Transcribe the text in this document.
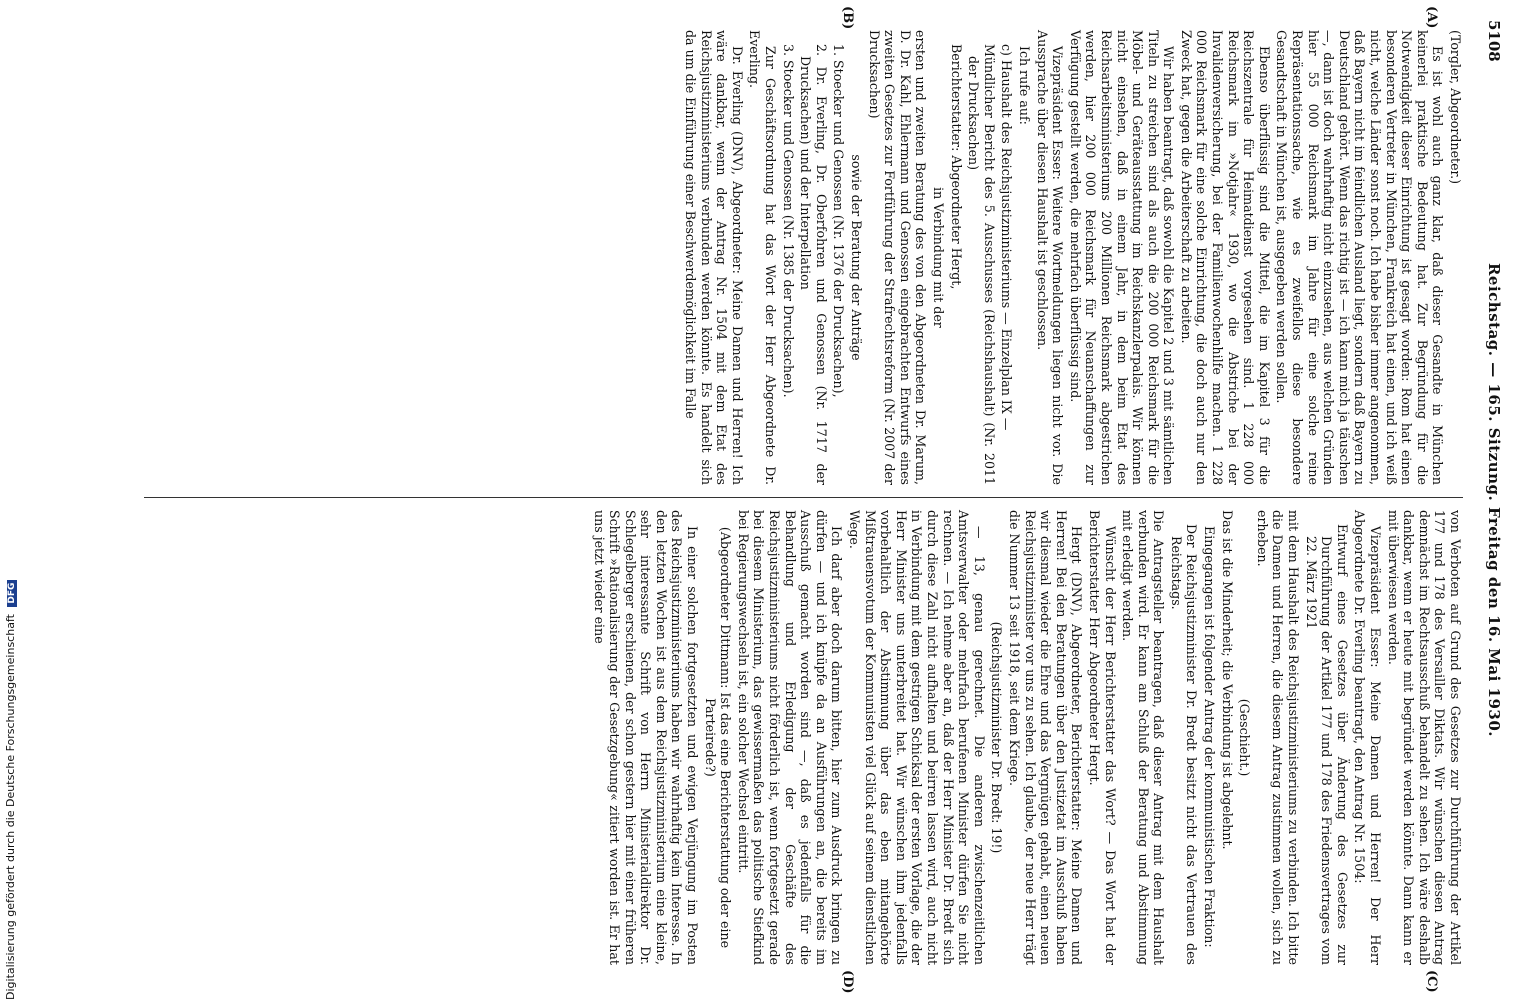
5108
Reichstag. — 165. Sitzung. Freitag den 16. Mai 1930.
(A)
(B)
(C)
(D)

(Torgler, Abgeordneter.)

Es ist wohl auch ganz klar, daß dieser Gesandte in München keinerlei praktische Bedeutung hat. Zur Begründung für die Notwendigkeit dieser Einrichtung ist gesagt worden: Rom hat einen besonderen Vertreter in München, Frankreich hat einen, und ich weiß nicht, welche Länder sonst noch. Ich habe bisher immer angenommen, daß Bayern nicht im feindlichen Ausland liegt, sondern daß Bayern zu Deutschland gehört. Wenn das richtig ist — ich kann mich ja täuschen —, dann ist doch wahrhaftig nicht einzusehen, aus welchen Gründen hier 55 000 Reichsmark im Jahre für eine solche reine Repräsentationssache, wie es zweifellos diese besondere Gesandtschaft in München ist, ausgegeben werden sollen.

Ebenso überflüssig sind die Mittel, die im Kapitel 3 für die Reichszentrale für Heimatdienst vorgesehen sind. 1 228 000 Reichsmark im »Notjahr« 1930, wo die Abstriche bei der Invalidenversicherung, bei der Familienwochenhilfe machen. 1 228 000 Reichsmark für eine solche Einrichtung, die doch auch nur den Zweck hat, gegen die Arbeiterschaft zu arbeiten.

Wir haben beantragt, daß sowohl die Kapitel 2 und 3 mit sämtlichen Titeln zu streichen sind als auch die 200 000 Reichsmark für die Möbel- und Geräteausstattung im Reichskanzlerpalais. Wir können nicht einsehen, daß in einem Jahr, in dem beim Etat des Reichsarbeitsministeriums 200 Millionen Reichsmark abgestrichen werden, hier 200 000 Reichsmark für Neuanschaffungen zur Verfügung gestellt werden, die mehrfach überflüssig sind.

Vizepräsident Esser: Weitere Wortmeldungen liegen nicht vor. Die Aussprache über diesen Haushalt ist geschlossen.

Ich rufe auf:

c) Haushalt des Reichsjustizministeriums — Einzelplan IX —

Mündlicher Bericht des 5. Ausschusses (Reichshaushalt) (Nr. 2011 der Drucksachen)

Berichterstatter: Abgeordneter Hergt,

in Verbindung mit der

ersten und zweiten Beratung des von den Abgeordneten Dr. Marum, D. Dr. Kahl, Ehlermann und Genossen eingebrachten Entwurfs eines zweiten Gesetzes zur Fortführung der Strafrechtsreform (Nr. 2007 der Drucksachen)

sowie der Beratung der Anträge

1. Stoecker und Genossen (Nr. 1376 der Drucksachen),

2. Dr. Everling, Dr. Oberfohren und Genossen (Nr. 1717 der Drucksachen) und der Interpellation

3. Stoecker und Genossen (Nr. 1385 der Drucksachen).

Zur Geschäftsordnung hat das Wort der Herr Abgeordnete Dr. Everling.

Dr. Everling (DNV), Abgeordneter: Meine Damen und Herren! Ich wäre dankbar, wenn der Antrag Nr. 1504 mit dem Etat des Reichsjustizministeriums verbunden werden könnte. Es handelt sich da um die Einführung einer Beschwerdemöglichkeit im Falle

von Verboten auf Grund des Gesetzes zur Durchführung der Artikel 177 und 178 des Versailler Diktats. Wir wünschen diesen Antrag demnächst im Rechtsausschuß behandelt zu sehen. Ich wäre deshalb dankbar, wenn er heute mit begründet werden könnte. Dann kann er mit überwiesen werden.

Vizepräsident Esser: Meine Damen und Herren! Der Herr Abgeordnete Dr. Everling beantragt, den Antrag Nr. 1504:

Entwurf eines Gesetzes über Änderung des Gesetzes zur Durchführung der Artikel 177 und 178 des Friedensvertrages vom 22. März 1921

mit dem Haushalt des Reichsjustizministeriums zu verbinden. Ich bitte die Damen und Herren, die diesem Antrag zustimmen wollen, sich zu erheben.

(Geschieht.)

Das ist die Minderheit; die Verbindung ist abgelehnt.

Eingegangen ist folgender Antrag der kommunistischen Fraktion:

Der Reichsjustizminister Dr. Bredt besitzt nicht das Vertrauen des Reichstags.

Die Antragsteller beantragen, daß dieser Antrag mit dem Haushalt verbunden wird. Er kann am Schluß der Beratung und Abstimmung mit erledigt werden.

Wünscht der Herr Berichterstatter das Wort? — Das Wort hat der Berichterstatter Herr Abgeordneter Hergt.

Hergt (DNV), Abgeordneter, Berichterstatter: Meine Damen und Herren! Bei den Beratungen über den Justizetat im Ausschuß haben wir diesmal wieder die Ehre und das Vergnügen gehabt, einen neuen Reichsjustizminister vor uns zu sehen. Ich glaube, der neue Herr trägt die Nummer 13 seit 1918, seit dem Kriege.

(Reichsjustizminister Dr. Bredt: 19!)

— 13, genau gerechnet. Die anderen zwischenzeitlichen Amtsverwalter oder mehrfach berufenen Minister dürfen Sie nicht rechnen. — Ich nehme aber an, daß der Herr Minister Dr. Bredt sich durch diese Zahl nicht aufhalten und beirren lassen wird, auch nicht in Verbindung mit dem gestrigen Schicksal der ersten Vorlage, die der Herr Minister uns unterbreitet hat. Wir wünschen ihm jedenfalls vorbehaltlich der Abstimmung über das eben mitangehörte Mißtrauensvotum der Kommunisten viel Glück auf seinem dienstlichen Wege.

Ich darf aber doch darum bitten, hier zum Ausdruck bringen zu dürfen — und ich knüpfe da an Ausführungen an, die bereits im Ausschuß gemacht worden sind —, daß es jedenfalls für die Behandlung und Erledigung der Geschäfte des Reichsjustizministeriums nicht förderlich ist, wenn fortgesetzt gerade bei diesem Ministerium, das gewissermaßen das politische Stiefkind bei Regierungswechseln ist, ein solcher Wechsel eintritt.

(Abgeordneter Dittmann: Ist das eine Berichterstattung oder eine Parteirede?)

In einer solchen fortgesetzten und ewigen Verjüngung im Posten des Reichsjustizministeriums haben wir wahrhaftig kein Interesse. In den letzten Wochen ist aus dem Reichsjustizministerium eine kleine, sehr interessante Schrift von Herrn Ministerialdirektor Dr. Schlegelberger erschienen, der schon gestern hier mit einer früheren Schrift »Rationalisierung der Gesetzgebung« zitiert worden ist. Er hat uns jetzt wieder eine

Digitalisierung gefördert durch die Deutsche Forschungsgemeinschaft DFG
